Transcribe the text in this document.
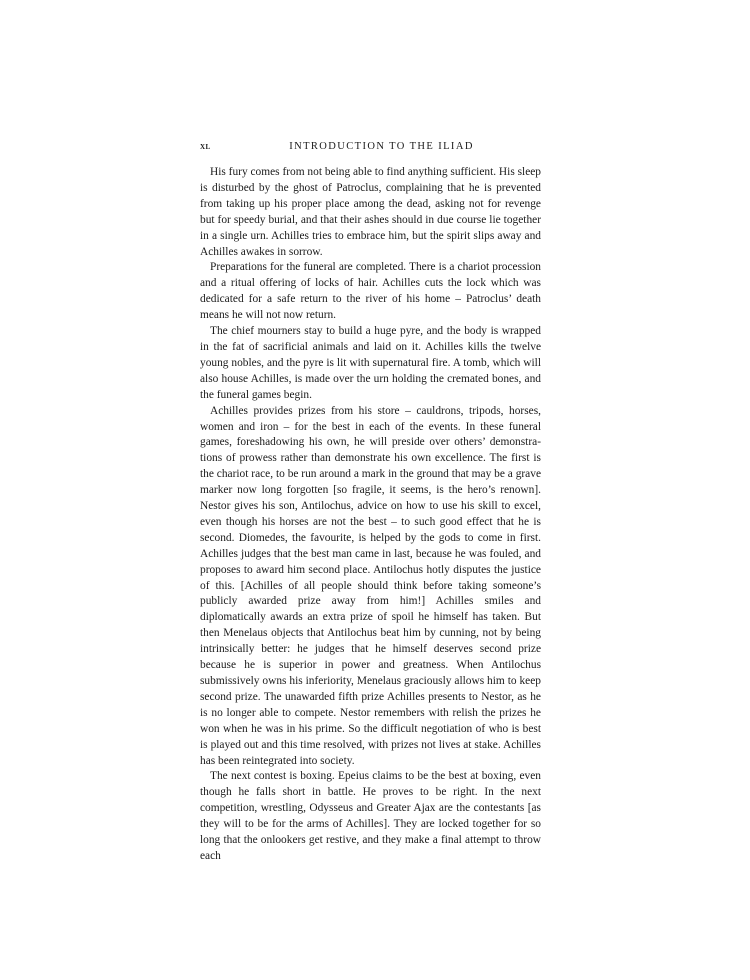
xl	INTRODUCTION TO THE ILIAD

His fury comes from not being able to find anything sufficient. His sleep is disturbed by the ghost of Patroclus, complaining that he is prevented from taking up his proper place among the dead, asking not for revenge but for speedy burial, and that their ashes should in due course lie together in a single urn. Achilles tries to embrace him, but the spirit slips away and Achilles awakes in sorrow.

Preparations for the funeral are completed. There is a chariot procession and a ritual offering of locks of hair. Achilles cuts the lock which was dedicated for a safe return to the river of his home – Patroclus’ death means he will not now return.

The chief mourners stay to build a huge pyre, and the body is wrapped in the fat of sacrificial animals and laid on it. Achilles kills the twelve young nobles, and the pyre is lit with supernatural fire. A tomb, which will also house Achilles, is made over the urn holding the cremated bones, and the funeral games begin.

Achilles provides prizes from his store – cauldrons, tripods, horses, women and iron – for the best in each of the events. In these funeral games, foreshadowing his own, he will preside over others’ demonstrations of prowess rather than demonstrate his own excellence. The first is the chariot race, to be run around a mark in the ground that may be a grave marker now long forgotten [so fragile, it seems, is the hero’s renown]. Nestor gives his son, Antilochus, advice on how to use his skill to excel, even though his horses are not the best – to such good effect that he is second. Diomedes, the favourite, is helped by the gods to come in first. Achilles judges that the best man came in last, because he was fouled, and proposes to award him second place. Antilochus hotly disputes the justice of this. [Achilles of all people should think before taking someone’s publicly awarded prize away from him!] Achilles smiles and diplomatically awards an extra prize of spoil he himself has taken. But then Menelaus objects that Antilochus beat him by cunning, not by being intrinsically better: he judges that he himself deserves second prize because he is superior in power and greatness. When Antilochus submissively owns his inferiority, Menelaus graciously allows him to keep second prize. The unawarded fifth prize Achilles presents to Nestor, as he is no longer able to compete. Nestor remembers with relish the prizes he won when he was in his prime. So the difficult negotiation of who is best is played out and this time resolved, with prizes not lives at stake. Achilles has been reintegrated into society.

The next contest is boxing. Epeius claims to be the best at boxing, even though he falls short in battle. He proves to be right. In the next competition, wrestling, Odysseus and Greater Ajax are the contestants [as they will to be for the arms of Achilles]. They are locked together for so long that the onlookers get restive, and they make a final attempt to throw each
